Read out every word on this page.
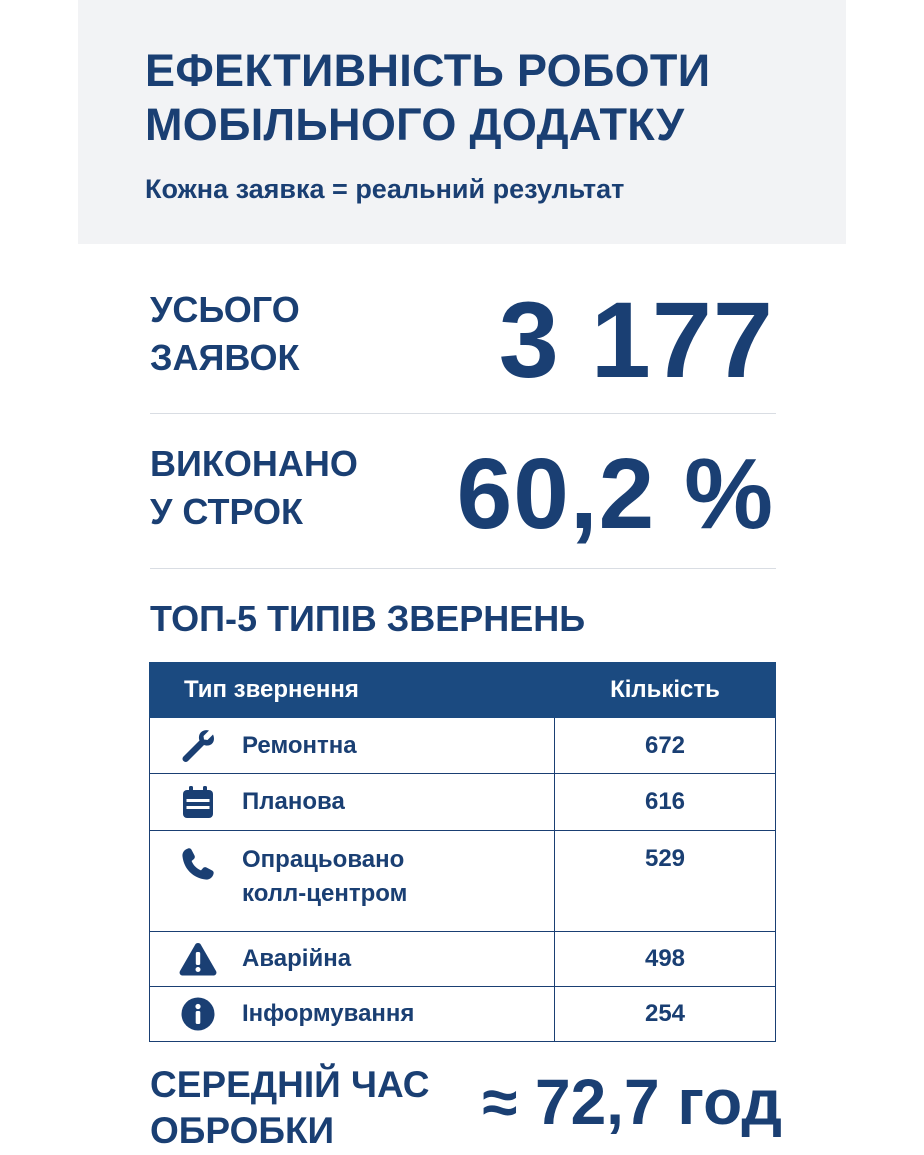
ЕФЕКТИВНІСТЬ РОБОТИ
МОБІЛЬНОГО ДОДАТКУ
Кожна заявка = реальний результат
УСЬОГО
ЗАЯВОК 3 177
ВИКОНАНО
У СТРОК	60,2 %
ТОП-5 ТИПІВ ЗВЕРНЕНЬ
Тип звернення	Кількість

Ремонтна	672

Планова	616

Опрацьовано
колл-центром	529

Аварійна	498

Інформування	254
СЕРЕДНІЙ ЧАС
ОБРОБКИ	≈ 72,7 год
